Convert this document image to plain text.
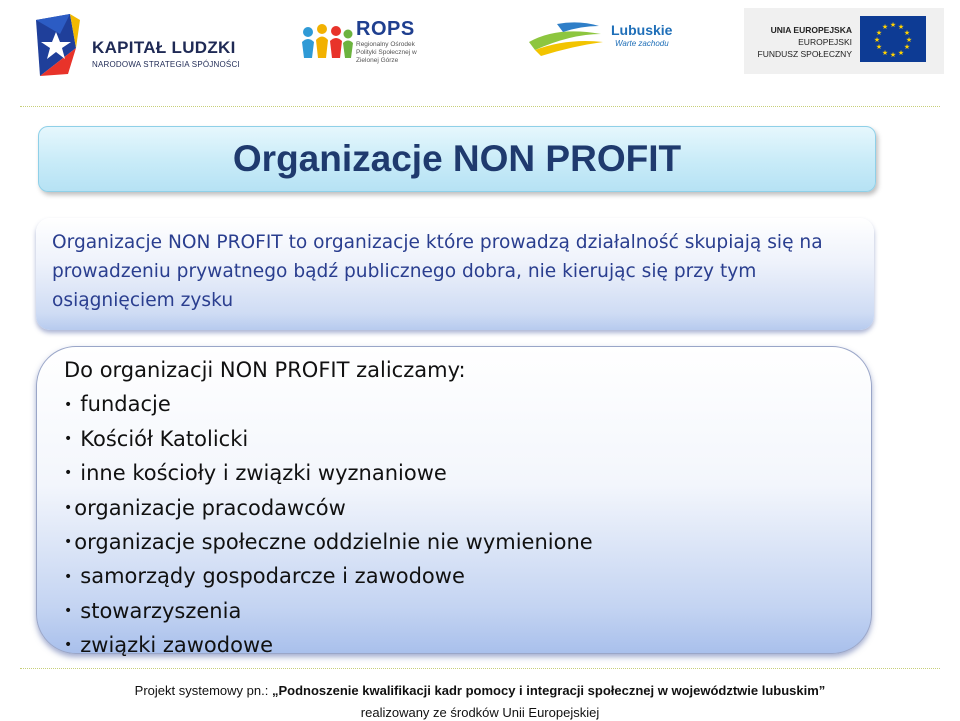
KAPITAŁ LUDZKI
NARODOWA STRATEGIA SPÓJNOŚCI
ROPS
Regionalny Ośrodek Polityki Społecznej w Zielonej Górze
Lubuskie
Warte zachodu
UNIA EUROPEJSKA
EUROPEJSKI
FUNDUSZ SPOŁECZNY
★ ★
★
★
★
★
★
★
★
★
★
★
Organizacje NON PROFIT
Organizacje NON PROFIT to organizacje które prowadzą działalność skupiają się na prowadzeniu prywatnego bądź publicznego dobra, nie kierując się przy tym osiągnięciem zysku
Do organizacji NON PROFIT zaliczamy:
• fundacje
• Kościół Katolicki
• inne kościoły i związki wyznaniowe
• organizacje pracodawców
• organizacje społeczne oddzielnie nie wymienione
• samorządy gospodarcze i zawodowe
• stowarzyszenia
• związki zawodowe
Projekt systemowy pn.: „Podnoszenie kwalifikacji kadr pomocy i integracji społecznej w województwie lubuskim”
realizowany ze środków Unii Europejskiej
